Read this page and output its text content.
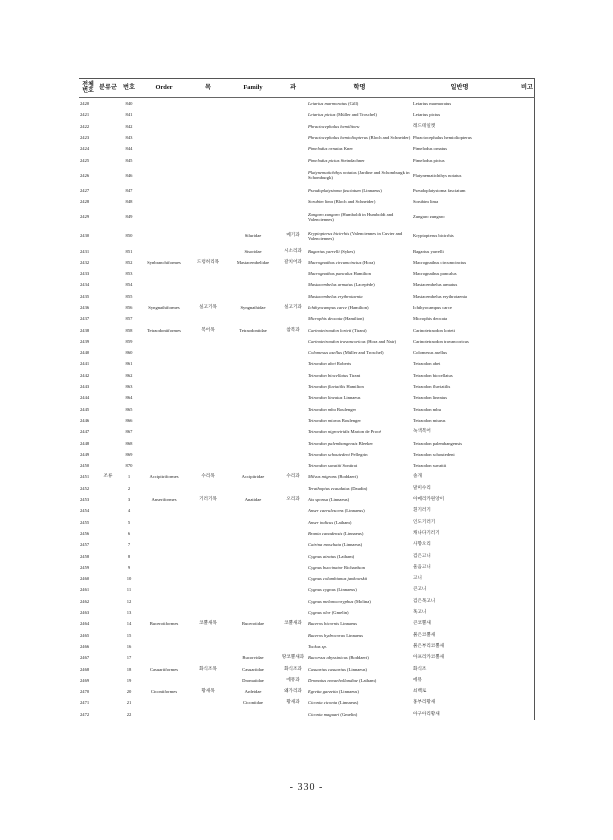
전체
번호	분류군	번호	Order	목	Family	과	학명	일반명	비고
2420		840					Leiarius marmoratus (Gill)	Leiarius marmoratus	
2421		841					Leiarius pictus (Müller and Troschel)	Leiarius pictus	
2422		842					Phractocephalus hemilitoru	레드테일캣	
2423		843					Phractocephalus hemioliopterus (Bloch and Schneider)	Phractocephalus hemioliopterus	
2424		844					Pimelodus ornatus Kner	Pimelodus ornatus	
2425		845					Pimelodus pictus Steindachner	Pimelodus pictus	
2426		846					Platynematichthys notatus (Jardine and Schomburgk in Schomburgk)	Platynematichthys notatus	
2427		847					Pseudoplatystoma fasciatum (Linnaeus)	Pseudoplatystoma fasciatum	
2428		848					Sorubim lima (Bloch and Schneider)	Sorubim lima	
2429		849					Zungaro zungaro (Humboldt in Humboldt and Valenciennes)	Zungaro zungaro	
2430		850			Siluridae	메기과	Kryptopterus bicirrhis (Valenciennes in Cuvier and Valenciennes)	Kryptopterus bicirrhis	
2431		851			Sisoridae	시소리과	Bagarius yarrelli (Sykes)	Bagarius yarrelli	
2432		852	Synbranchiformes	드렁허리목	Mastacembelidae	갈치어과	Macrognathus circumcinctus (Hora)	Macrognathus circumcinctus	
2433		853					Macrognathus pancalus Hamilton	Macrognathus pancalus	
2434		854					Mastacembelus armatus (Lacepède)	Mastacembelus armatus	
2435		855					Mastacembelus erythrotaenia	Mastacembelus erythrotaenia	
2436		856	Syngnathiformes	실고기목	Syngnathidae	실고기과	Ichthyocampus carce (Hamilton)	Ichthyocampus carce	
2437		857					Microphis deocata (Hamilton)	Microphis deocata	
2438		858	Tetraodontiformes	복어목	Tetraodontidae	참복과	Carinotetraodon lorteti (Tirant)	Carinotetraodon lorteti	
2439		859					Carinotetraodon travancoricus (Hora and Nair)	Carinotetraodon travancoricus	
2440		860					Colomesus asellus (Müller and Troschel)	Colomesus asellus	
2441		861					Tetraodon abei Roberts	Tetraodon abei	
2442		862					Tetraodon biocellatus Tirant	Tetraodon biocellatus	
2443		863					Tetraodon fluviatilis Hamilton	Tetraodon fluviatilis	
2444		864					Tetraodon lineatus Linnaeus	Tetraodon lineatus	
2445		865					Tetraodon mbu Boulenger	Tetraodon mbu	
2446		866					Tetraodon miurus Boulenger	Tetraodon miurus	
2447		867					Tetraodon nigroviridis Marion de Procé	녹색복어	
2448		868					Tetraodon palembangensis Bleeker	Tetraodon palembangensis	
2449		869					Tetraodon schoutedeni Pellegrin	Tetraodon schoutedeni	
2450		870					Tetraodon suvattii Sontirat	Tetraodon suvattii	
2451	조류	1	Accipitriformes	수리목	Accipitridae	수리과	Milvus migrans (Boddaert)	솔개	
2452		2					Terathopius ecaudatus (Daudin)	말미수리	
2453		3	Anseriformes	기러기목	Anatidae	오리과	Aix sponsa (Linnaeus)	아메리카원앙이	
2454		4					Anser caerulescens (Linnaeus)	흰기러기	
2455		5					Anser indicus (Latham)	인도기러기	
2456		6					Branta canadensis (Linnaeus)	캐나다기러기	
2457		7					Cairina moschata (Linnaeus)	사향오리	
2458		8					Cygnus atratus (Latham)	검은고니	
2459		9					Cygnus buccinator Richardson	울음고니	
2460		10					Cygnus columbianus jankowskii	고니	
2461		11					Cygnus cygnus (Linnaeus)	큰고니	
2462		12					Cygnus melanocoryphus (Molina)	검은목고니	
2463		13					Cygnus olor (Gmelin)	혹고니	
2464		14	Bucerotiformes	코뿔새목	Bucerotidae	코뿔새과	Buceros bicornis Linnaeus	큰코뿔새	
2465		15					Buceros hydrocorax Linnaeus	붉은코뿔새	
2466		16					Tockus sp.	붉은부리코뿔새	
2467		17			Bucorvidae	땅코뿔새과	Bucorvus abyssinicus (Boddaert)	아프리카코뿔새	
2468		18	Casuariiformes	화식조목	Casuariidae	화식조과	Casuarius casuarius (Linnaeus)	화식조	
2469		19			Dromaiidae	에뮤과	Dromaius novaehollandiae (Latham)	에뮤	
2470		20	Ciconiiformes	황새목	Ardeidae	왜가리과	Egretta garzetta (Linnaeus)	쇠백로	
2471		21			Ciconiidae	황새과	Ciconia ciconia (Linnaeus)	홍부리황새	
2472		22					Ciconia maguari (Gmelin)	아구아리황새	
- 330 -
